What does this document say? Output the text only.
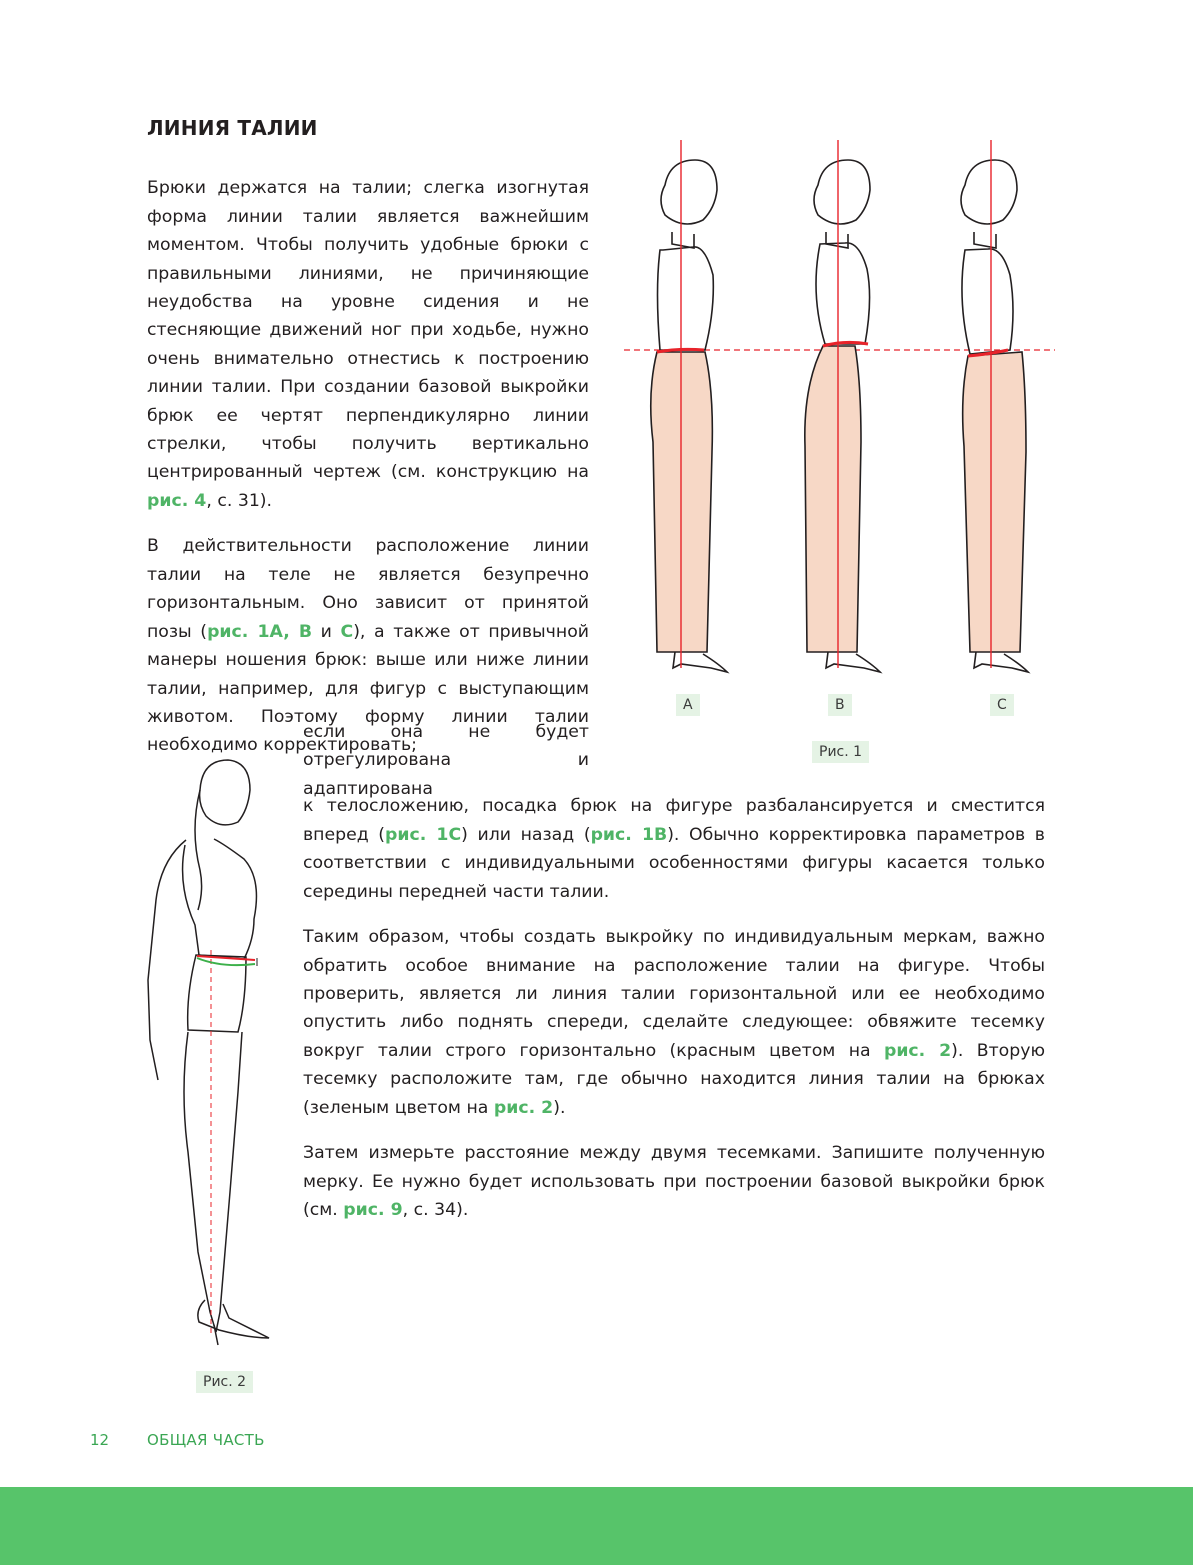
ЛИНИЯ ТАЛИИ

Брюки держатся на талии; слегка изогнутая форма линии талии является важнейшим моментом. Чтобы получить удобные брюки с правильными линиями, не причиняющие неудобства на уровне сидения и не стесняющие движений ног при ходьбе, нужно очень внимательно отнестись к построению линии талии. При создании базовой выкройки брюк ее чертят перпендикулярно линии стрелки, чтобы получить вертикально центрированный чертеж (см. конструкцию на рис. 4, с. 31).

В действительности расположение линии талии на теле не является безупречно горизонтальным. Оно зависит от принятой позы (рис. 1A, B и C), а также от привычной манеры ношения брюк: выше или ниже линии талии, например, для фигур с выступающим животом. Поэтому форму линии талии необходимо корректировать;

если она не будет отрегулирована и адаптирована

к телосложению, посадка брюк на фигуре разбалансируется и сместится вперед (рис. 1C) или назад (рис. 1B). Обычно корректировка параметров в соответствии с индивидуальными особенностями фигуры касается только середины передней части талии.

Таким образом, чтобы создать выкройку по индивидуальным меркам, важно обратить особое внимание на расположение талии на фигуре. Чтобы проверить, является ли линия талии горизонтальной или ее необходимо опустить либо поднять спереди, сделайте следующее: обвяжите тесемку вокруг талии строго горизонтально (красным цветом на рис. 2). Вторую тесемку расположите там, где обычно находится линия талии на брюках (зеленым цветом на рис. 2).

Затем измерьте расстояние между двумя тесемками. Запишите полученную мерку. Ее нужно будет использовать при построении базовой выкройки брюк (см. рис. 9, с. 34).

A	B	C
Рис. 1
Рис. 2
12	ОБЩАЯ ЧАСТЬ
